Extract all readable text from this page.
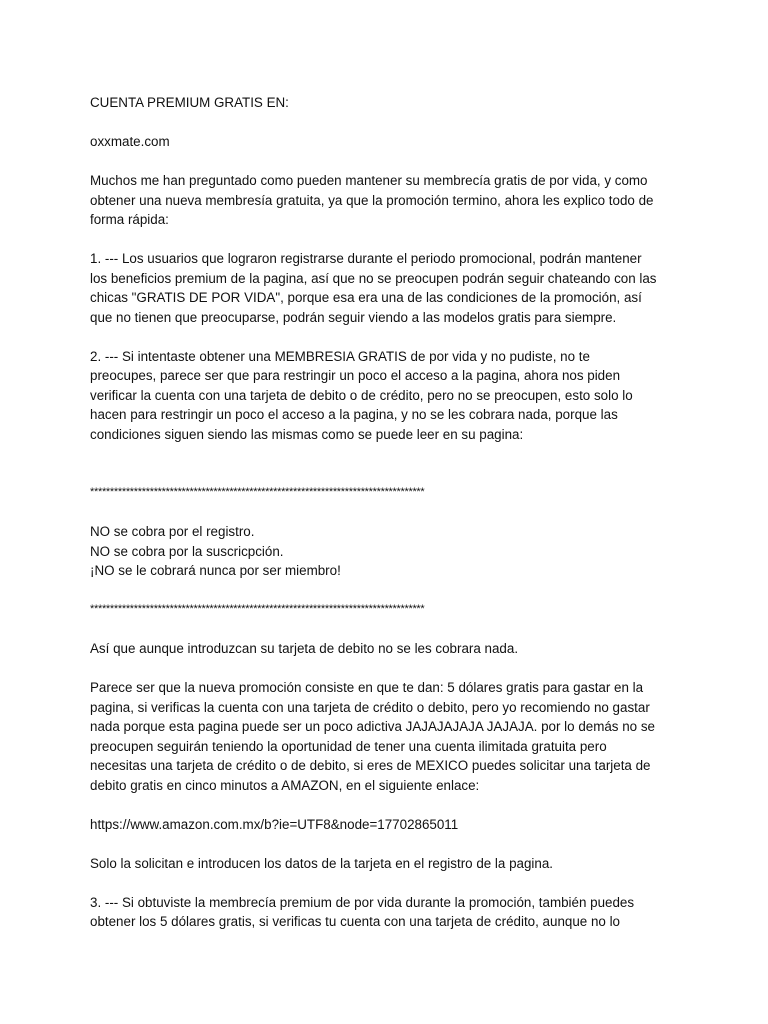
CUENTA PREMIUM GRATIS EN:

oxxmate.com

Muchos me han preguntado como pueden mantener su membrecía gratis de por vida, y como

obtener una nueva membresía gratuita, ya que la promoción termino, ahora les explico todo de

forma rápida:

1. --- Los usuarios que lograron registrarse durante el periodo promocional, podrán mantener

los beneficios premium de la pagina, así que no se preocupen podrán seguir chateando con las

chicas "GRATIS DE POR VIDA", porque esa era una de las condiciones de la promoción, así

que no tienen que preocuparse, podrán seguir viendo a las modelos gratis para siempre.

2. --- Si intentaste obtener una MEMBRESIA GRATIS de por vida y no pudiste, no te

preocupes, parece ser que para restringir un poco el acceso a la pagina, ahora nos piden

verificar la cuenta con una tarjeta de debito o de crédito, pero no se preocupen, esto solo lo

hacen para restringir un poco el acceso a la pagina, y no se les cobrara nada, porque las

condiciones siguen siendo las mismas como se puede leer en su pagina:

************************************************************************************

NO se cobra por el registro.

NO se cobra por la suscricpción.

¡NO se le cobrará nunca por ser miembro!

************************************************************************************

Así que aunque introduzcan su tarjeta de debito no se les cobrara nada.

Parece ser que la nueva promoción consiste en que te dan: 5 dólares gratis para gastar en la

pagina, si verificas la cuenta con una tarjeta de crédito o debito, pero yo recomiendo no gastar

nada porque esta pagina puede ser un poco adictiva JAJAJAJAJA JAJAJA. por lo demás no se

preocupen seguirán teniendo la oportunidad de tener una cuenta ilimitada gratuita pero

necesitas una tarjeta de crédito o de debito, si eres de MEXICO puedes solicitar una tarjeta de

debito gratis en cinco minutos a AMAZON, en el siguiente enlace:

https://www.amazon.com.mx/b?ie=UTF8&node=17702865011

Solo la solicitan e introducen los datos de la tarjeta en el registro de la pagina.

3. --- Si obtuviste la membrecía premium de por vida durante la promoción, también puedes

obtener los 5 dólares gratis, si verificas tu cuenta con una tarjeta de crédito, aunque no lo
